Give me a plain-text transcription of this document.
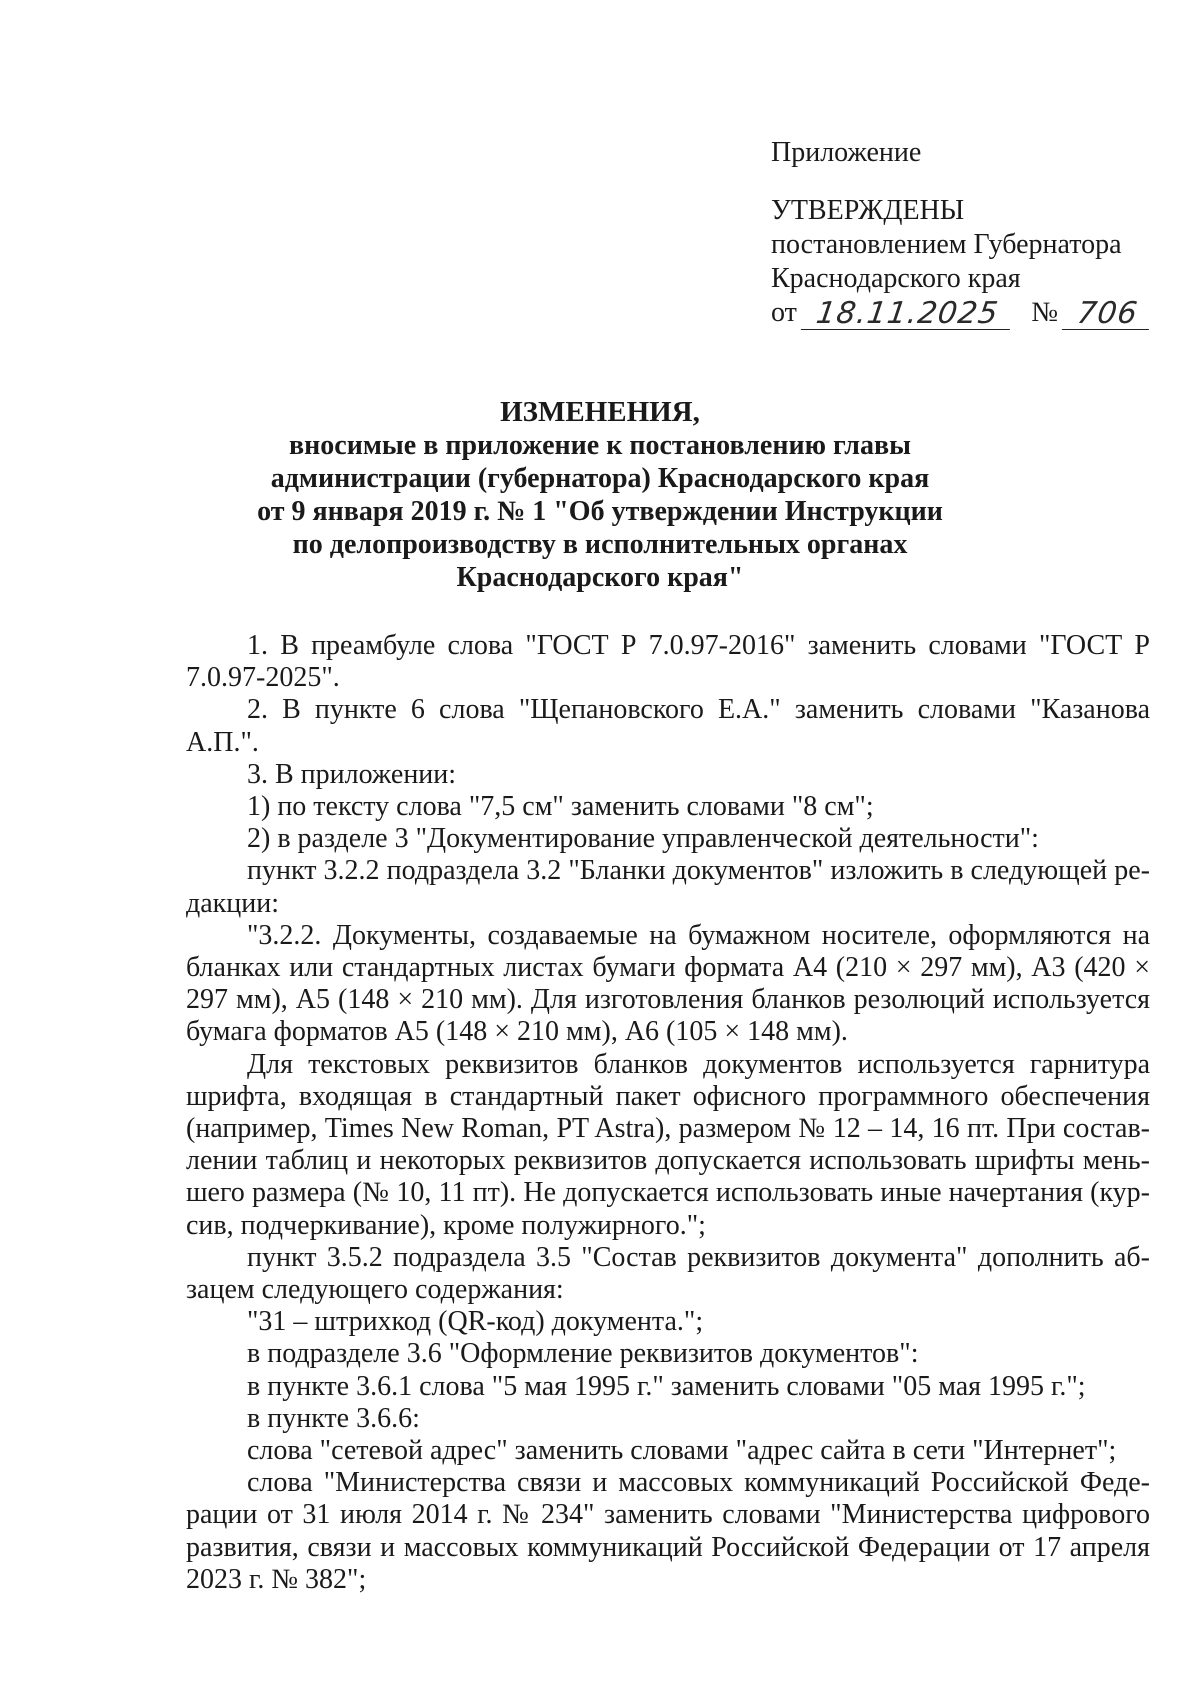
Приложение
УТВЕРЖДЕНЫ
постановлением Губернатора
Краснодарского края
от 18.11.2025	№ 706
ИЗМЕНЕНИЯ,
вносимые в приложение к постановлению главы
администрации (губернатора) Краснодарского края
от 9 января 2019 г. № 1 "Об утверждении Инструкции
по делопроизводству в исполнительных органах
Краснодарского края"

1. В преамбуле слова "ГОСТ Р 7.0.97-2016" заменить словами "ГОСТ Р 7.0.97-2025".

2. В пункте 6 слова "Щепановского Е.А." заменить словами "Казанова А.П.".

3. В приложении:

1) по тексту слова "7,5 см" заменить словами "8 см";

2) в разделе 3 "Документирование управленческой деятельности":

пункт 3.2.2 подраздела 3.2 "Бланки документов" изложить в следующей редакции:

"3.2.2. Документы, создаваемые на бумажном носителе, оформляются на бланках или стандартных листах бумаги формата А4 (210 × 297 мм), А3 (420 × 297 мм), А5 (148 × 210 мм). Для изготовления бланков резолюций используется бумага форматов А5 (148 × 210 мм), А6 (105 × 148 мм).

Для текстовых реквизитов бланков документов используется гарнитура шрифта, входящая в стандартный пакет офисного программного обеспечения (например, Times New Roman, PT Astra), размером № 12 – 14, 16 пт. При составлении таблиц и некоторых реквизитов допускается использовать шрифты меньшего размера (№ 10, 11 пт). Не допускается использовать иные начертания (курсив, подчеркивание), кроме полужирного.";

пункт 3.5.2 подраздела 3.5 "Состав реквизитов документа" дополнить абзацем следующего содержания:

"31 – штрихкод (QR-код) документа.";

в подразделе 3.6 "Оформление реквизитов документов":

в пункте 3.6.1 слова "5 мая 1995 г." заменить словами "05 мая 1995 г.";

в пункте 3.6.6:

слова "сетевой адрес" заменить словами "адрес сайта в сети "Интернет";

слова "Министерства связи и массовых коммуникаций Российской Федерации от 31 июля 2014 г. № 234" заменить словами "Министерства цифрового развития, связи и массовых коммуникаций Российской Федерации от 17 апреля 2023 г. № 382";
